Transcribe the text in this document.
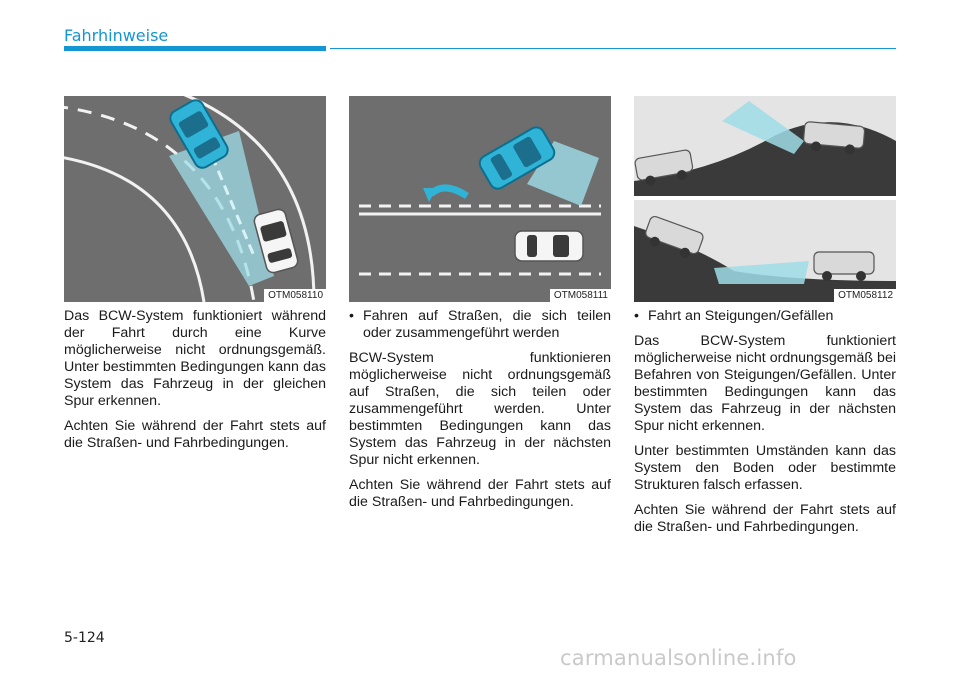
Fahrhinweise
OTM058110	OTM058111	OTM058112

Das BCW-System funktioniert während der Fahrt durch eine Kurve möglicherweise nicht ordnungsgemäß. Unter bestimmten Bedingungen kann das System das Fahrzeug in der gleichen Spur erkennen.

Achten Sie während der Fahrt stets auf die Straßen- und Fahrbedingungen.

• Fahren auf Straßen, die sich teilen oder zusammengeführt werden

BCW-System funktionieren möglicherweise nicht ordnungsgemäß auf Straßen, die sich teilen oder zusammengeführt werden. Unter bestimmten Bedingungen kann das System das Fahrzeug in der nächsten Spur nicht erkennen.

Achten Sie während der Fahrt stets auf die Straßen- und Fahrbedingungen.

• Fahrt an Steigungen/Gefällen

Das BCW-System funktioniert möglicherweise nicht ordnungsgemäß bei Befahren von Steigungen/Gefällen. Unter bestimmten Bedingungen kann das System das Fahrzeug in der nächsten Spur nicht erkennen.

Unter bestimmten Umständen kann das System den Boden oder bestimmte Strukturen falsch erfassen.

Achten Sie während der Fahrt stets auf die Straßen- und Fahrbedingungen.

5-124
carmanualsonline.info
